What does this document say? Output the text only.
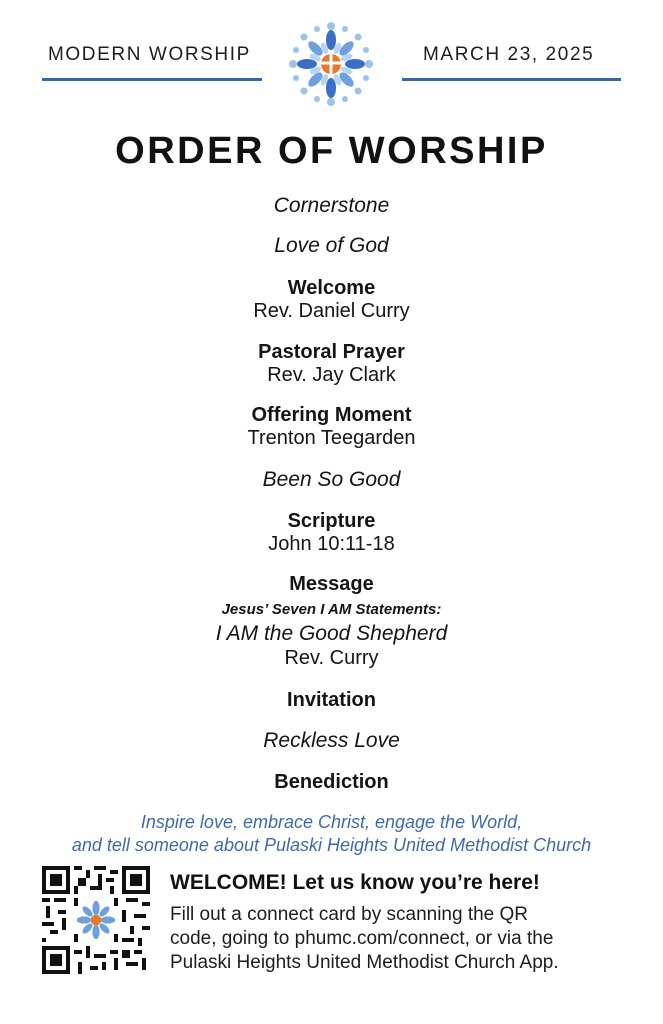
MODERN WORSHIP	MARCH 23, 2025
ORDER OF WORSHIP
Cornerstone
Love of God
Welcome
Rev. Daniel Curry
Pastoral Prayer
Rev. Jay Clark
Offering Moment
Trenton Teegarden
Been So Good
Scripture
John 10:11-18
Message
Jesus’ Seven I AM Statements:
I AM the Good Shepherd
Rev. Curry
Invitation
Reckless Love
Benediction
Inspire love, embrace Christ, engage the World,
and tell someone about Pulaski Heights United Methodist Church
WELCOME! Let us know you’re here!
Fill out a connect card by scanning the QR
code, going to phumc.com/connect, or via the
Pulaski Heights United Methodist Church App.
